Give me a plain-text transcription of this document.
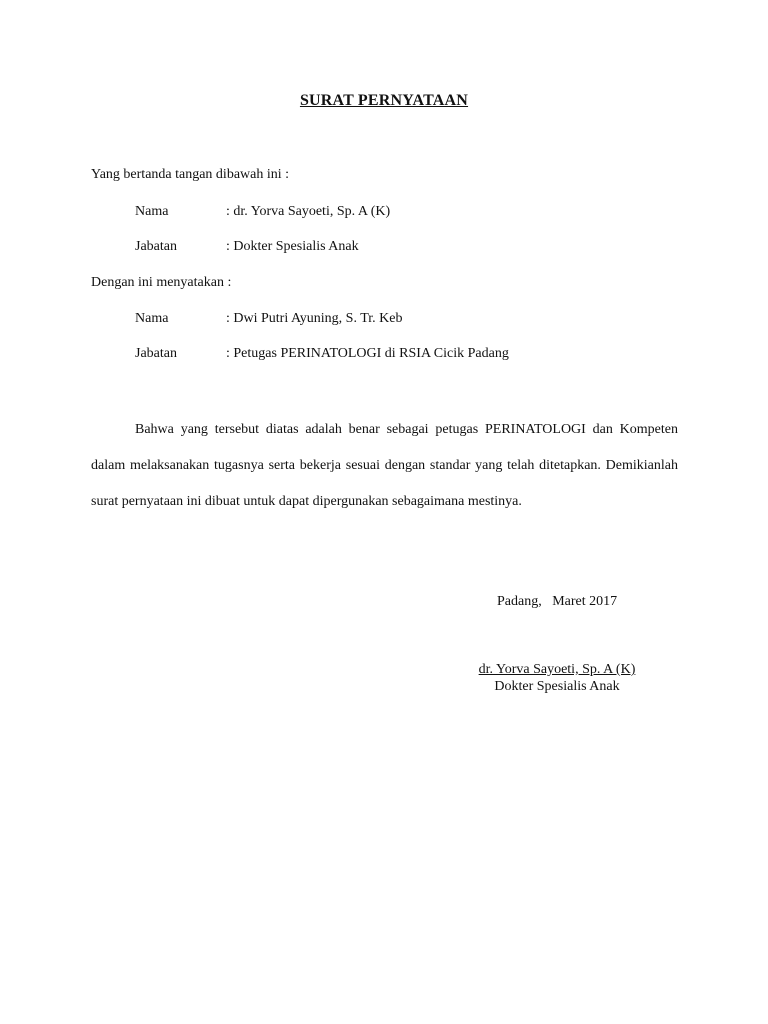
SURAT PERNYATAAN
Yang bertanda tangan dibawah ini :
Nama	: dr. Yorva Sayoeti, Sp. A (K)
Jabatan	: Dokter Spesialis Anak
Dengan ini menyatakan :
Nama	: Dwi Putri Ayuning, S. Tr. Keb
Jabatan	: Petugas PERINATOLOGI di RSIA Cicik Padang
Bahwa yang tersebut diatas adalah benar sebagai petugas PERINATOLOGI dan Kompeten dalam melaksanakan tugasnya serta bekerja sesuai dengan standar yang telah ditetapkan. Demikianlah surat pernyataan ini dibuat untuk dapat dipergunakan sebagaimana mestinya.
Padang,   Maret 2017
dr. Yorva Sayoeti, Sp. A (K)
Dokter Spesialis Anak
